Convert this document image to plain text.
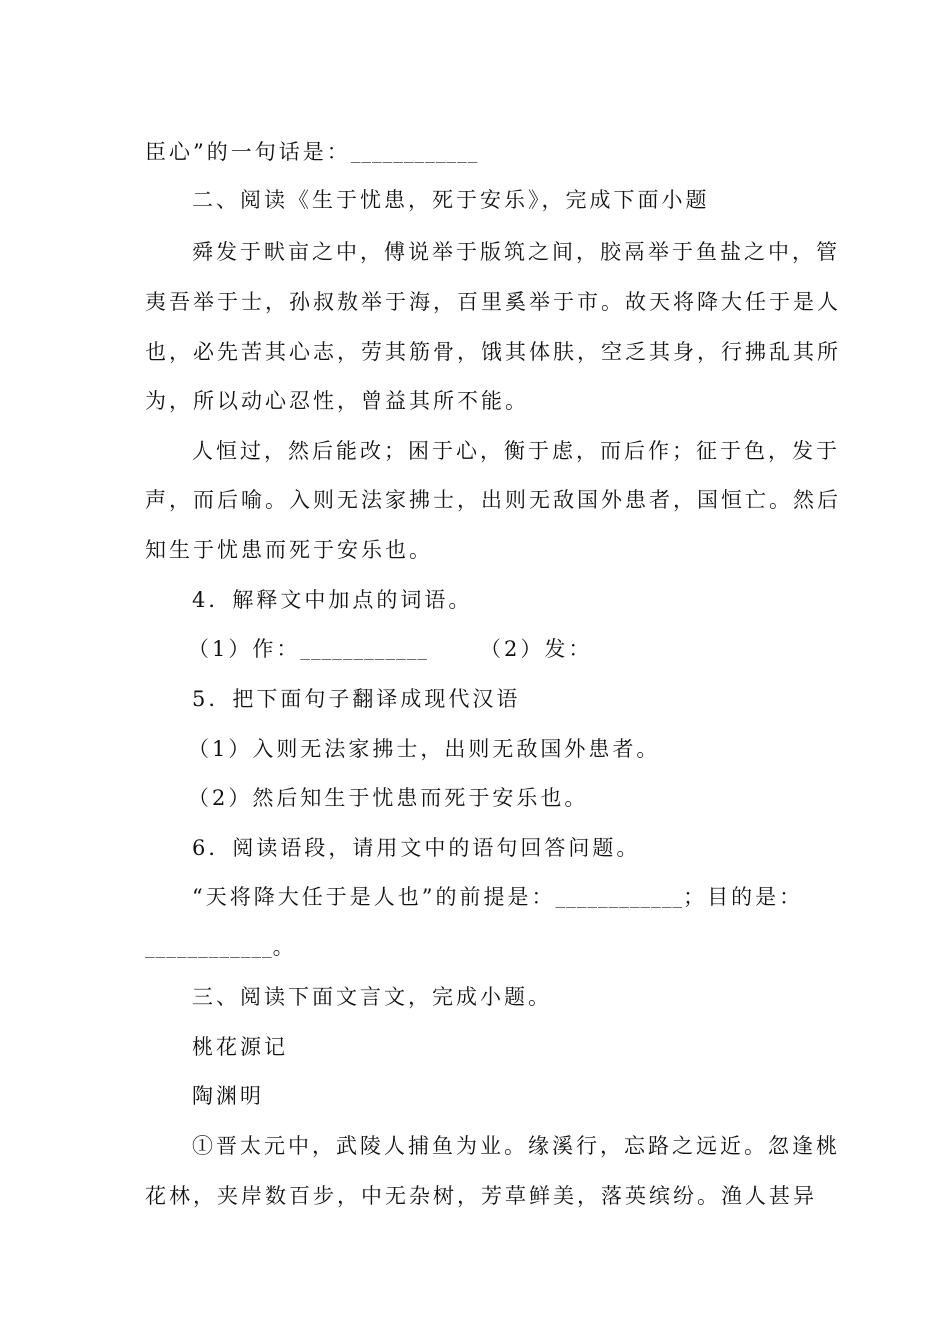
臣心”的一句话是：____________
二、阅读《生于忧患，死于安乐》，完成下面小题
舜发于畎亩之中，傅说举于版筑之间，胶鬲举于鱼盐之中，管
夷吾举于士，孙叔敖举于海，百里奚举于市。故天将降大任于是人
也，必先苦其心志，劳其筋骨，饿其体肤，空乏其身，行拂乱其所
为，所以动心忍性，曾益其所不能。
人恒过，然后能改；困于心，衡于虑，而后作；征于色，发于
声，而后喻。入则无法家拂士，出则无敌国外患者，国恒亡。然后
知生于忧患而死于安乐也。
4．解释文中加点的词语。
（1）作：____________ （2）发：
5．把下面句子翻译成现代汉语
（1）入则无法家拂士，出则无敌国外患者。
（2）然后知生于忧患而死于安乐也。
6．阅读语段，请用文中的语句回答问题。
“天将降大任于是人也”的前提是：____________；目的是：
____________。
三、阅读下面文言文，完成小题。
桃花源记
陶渊明
①晋太元中，武陵人捕鱼为业。缘溪行，忘路之远近。忽逢桃
花林，夹岸数百步，中无杂树，芳草鲜美，落英缤纷。渔人甚异
